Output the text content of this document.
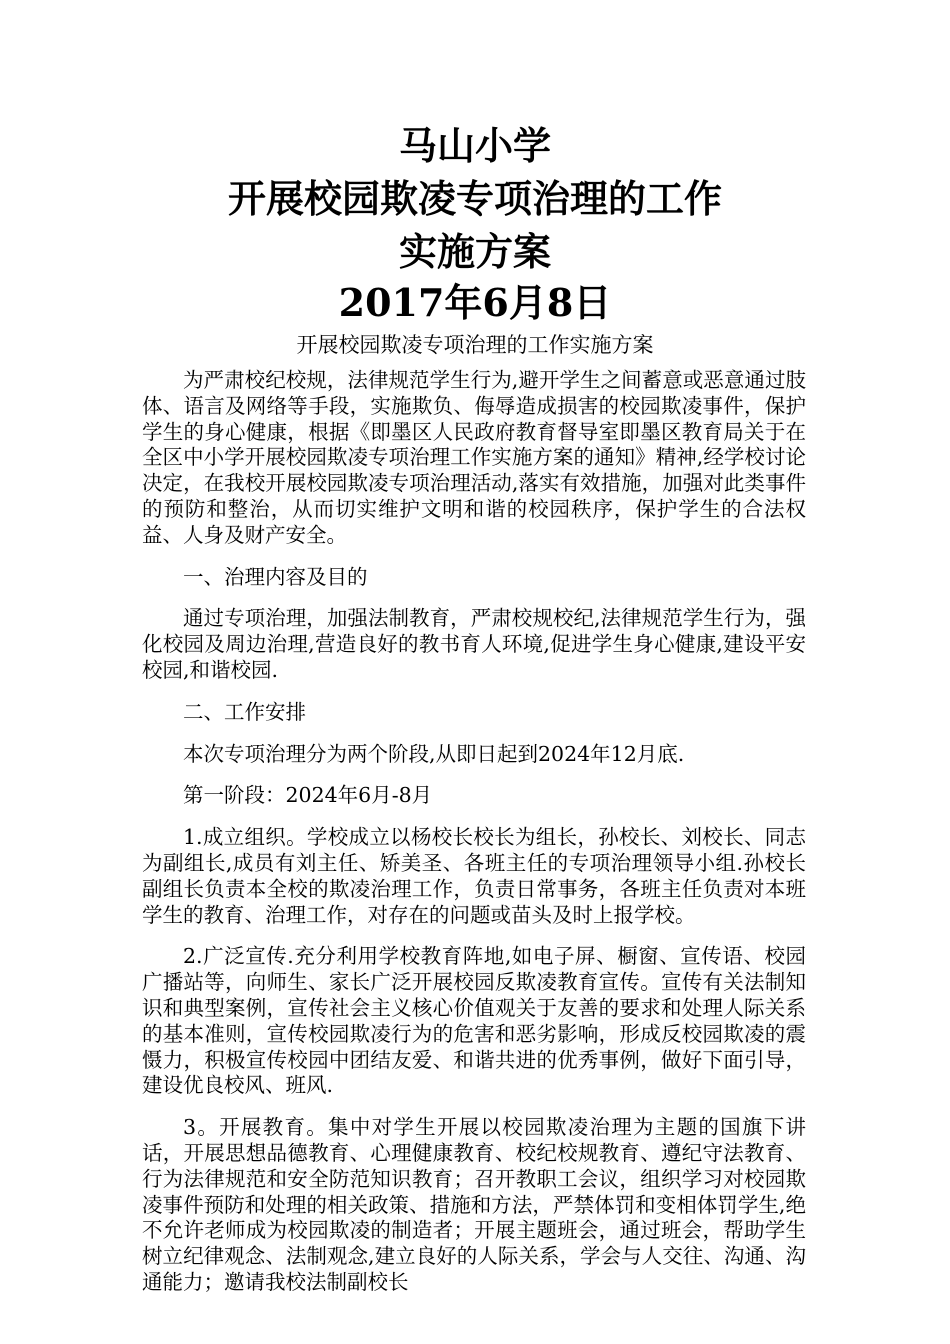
马山小学
开展校园欺凌专项治理的工作
实施方案
2017年6月8日
开展校园欺凌专项治理的工作实施方案

为严肃校纪校规，法律规范学生行为,避开学生之间蓄意或恶意通过肢体、语言及网络等手段，实施欺负、侮辱造成损害的校园欺凌事件，保护学生的身心健康，根据《即墨区人民政府教育督导室即墨区教育局关于在全区中小学开展校园欺凌专项治理工作实施方案的通知》精神,经学校讨论决定，在我校开展校园欺凌专项治理活动,落实有效措施，加强对此类事件的预防和整治，从而切实维护文明和谐的校园秩序，保护学生的合法权益、人身及财产安全。

一、治理内容及目的

通过专项治理，加强法制教育，严肃校规校纪,法律规范学生行为，强化校园及周边治理,营造良好的教书育人环境,促进学生身心健康,建设平安校园,和谐校园.

二、工作安排

本次专项治理分为两个阶段,从即日起到2024年12月底.

第一阶段：2024年6月-8月

1.成立组织。学校成立以杨校长校长为组长，孙校长、刘校长、同志为副组长,成员有刘主任、矫美圣、各班主任的专项治理领导小组.孙校长副组长负责本全校的欺凌治理工作，负责日常事务，各班主任负责对本班学生的教育、治理工作，对存在的问题或苗头及时上报学校。

2.广泛宣传.充分利用学校教育阵地,如电子屏、橱窗、宣传语、校园广播站等，向师生、家长广泛开展校园反欺凌教育宣传。宣传有关法制知识和典型案例，宣传社会主义核心价值观关于友善的要求和处理人际关系的基本准则，宣传校园欺凌行为的危害和恶劣影响，形成反校园欺凌的震慑力，积极宣传校园中团结友爱、和谐共进的优秀事例，做好下面引导，建设优良校风、班风.

3。开展教育。集中对学生开展以校园欺凌治理为主题的国旗下讲话，开展思想品德教育、心理健康教育、校纪校规教育、遵纪守法教育、行为法律规范和安全防范知识教育；召开教职工会议，组织学习对校园欺凌事件预防和处理的相关政策、措施和方法，严禁体罚和变相体罚学生,绝不允许老师成为校园欺凌的制造者；开展主题班会，通过班会，帮助学生树立纪律观念、法制观念,建立良好的人际关系，学会与人交往、沟通、沟通能力；邀请我校法制副校长
